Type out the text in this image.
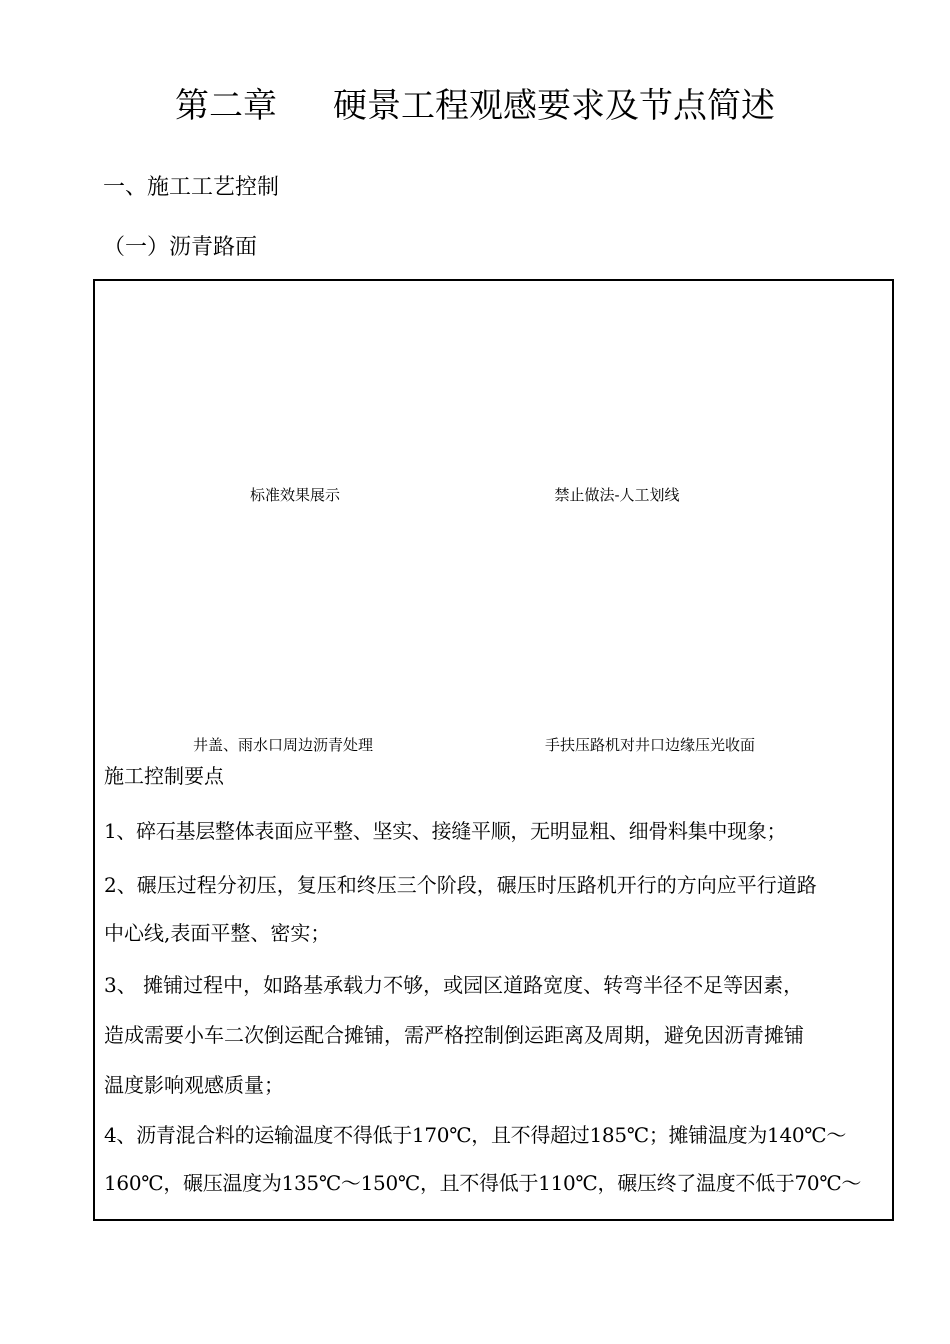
第二章 硬景工程观感要求及节点简述
一、施工工艺控制
（一）沥青路面
标准效果展示	禁止做法-人工划线
井盖、雨水口周边沥青处理	手扶压路机对井口边缘压光收面
施工控制要点
1、碎石基层整体表面应平整、坚实、接缝平顺，无明显粗、细骨料集中现象；
2、碾压过程分初压，复压和终压三个阶段，碾压时压路机开行的方向应平行道路
中心线,表面平整、密实；
3、 摊铺过程中，如路基承载力不够，或园区道路宽度、转弯半径不足等因素，
造成需要小车二次倒运配合摊铺，需严格控制倒运距离及周期，避免因沥青摊铺
温度影响观感质量；
4、沥青混合料的运输温度不得低于170℃，且不得超过185℃；摊铺温度为140℃～
160℃，碾压温度为135℃～150℃，且不得低于110℃，碾压终了温度不低于70℃～
